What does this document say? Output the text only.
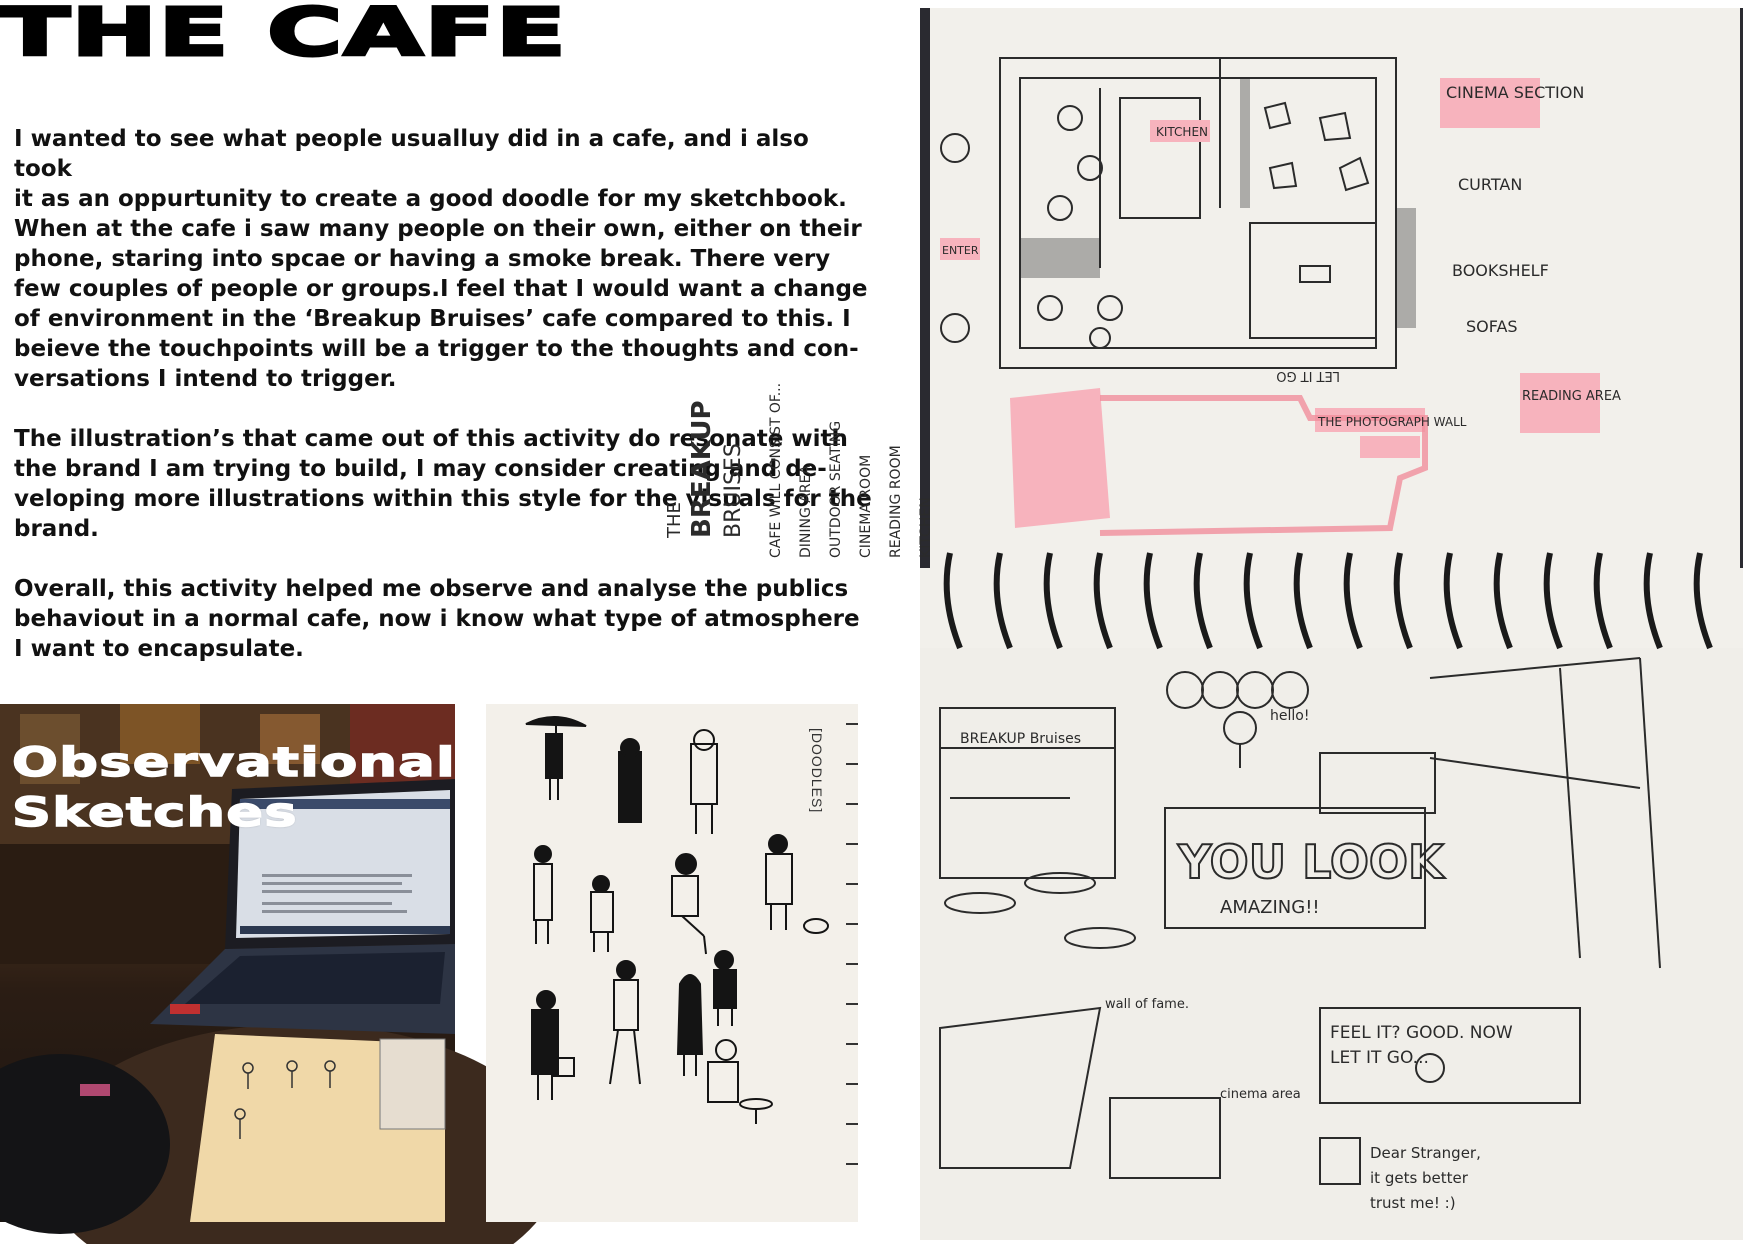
THE CAFE

I wanted to see what people usualluy did in a cafe, and i also took
it as an oppurtunity to create a good doodle for my sketchbook.
When at the cafe i saw many people on their own, either on their
phone, staring into spcae or having a smoke break. There very
few couples of people or groups.I feel that I would want a change
of environment in the ‘Breakup Bruises’ cafe compared to this. I
beieve the touchpoints will be a trigger to the thoughts and con-
versations I intend to trigger.

The illustration’s that came out of this activity do resonate with
the brand I am trying to build, I may consider creating and de-
veloping more illustrations within this style for the visuals for the
brand.

Overall, this activity helped me observe and analyse the publics
behaviout in a normal cafe, now i know what type of atmosphere
I want to encapsulate.

Observational
Sketches	[DOODLES]
KITCHEN
ENTER
CINEMA SECTION
CURTAN
BOOKSHELF
SOFAS
LET IT GO
READING AREA
THE PHOTOGRAPH WALL
THE BREAKUP BRUISES CAFE WILL CONSIST OF... DINING AREA OUTDOOR SEATING CINEMA ROOM READING ROOM KITCHEN
BREAKUP Bruises
hello!
YOU LOOK
AMAZING!!
wall of fame.
cinema area
FEEL IT? GOOD. NOW
LET IT GO...
Dear Stranger,
it gets better
trust me! :)
